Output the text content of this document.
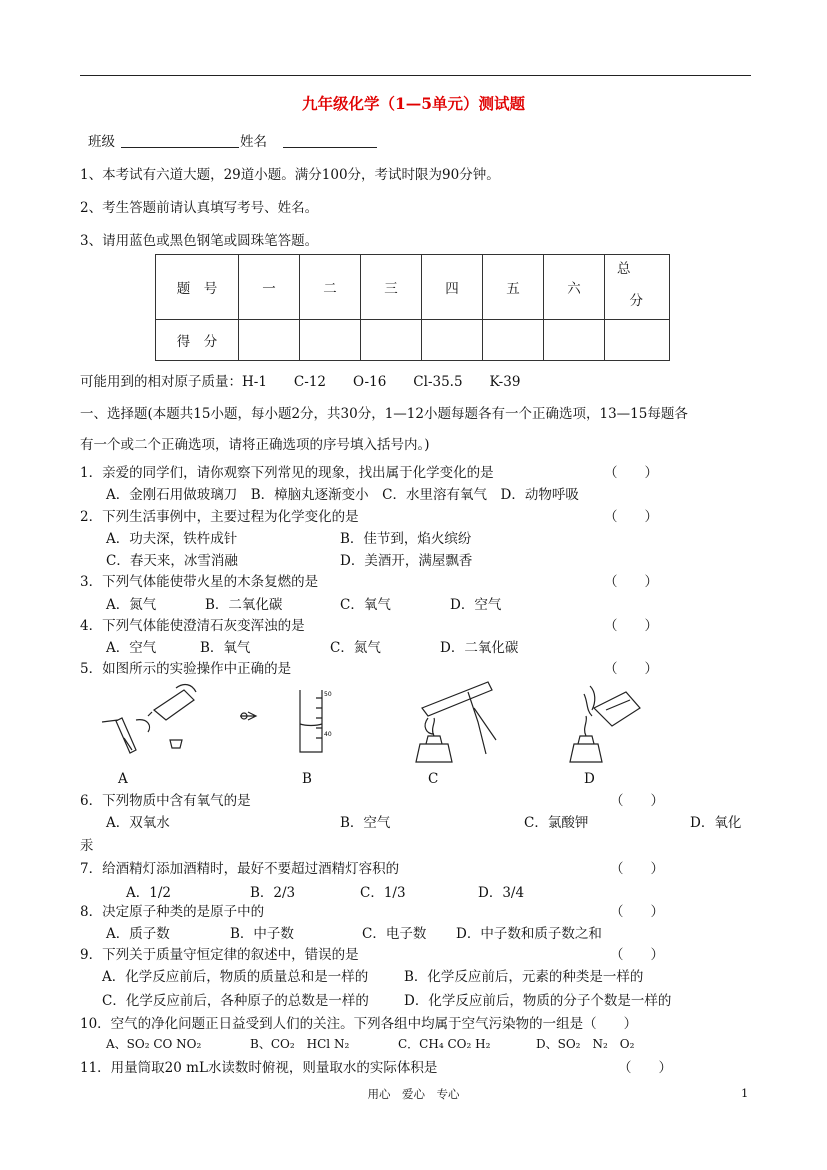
九年级化学（1—5单元）测试题
班级	姓名
1、本考试有六道大题，29道小题。满分100分，考试时限为90分钟。
2、考生答题前请认真填写考号、姓名。
3、请用蓝色或黑色钢笔或圆珠笔答题。
题　号	一	二	三	四	五	六	总
分

得　分							
可能用到的相对原子质量：H-1　　C-12　　O-16　　Cl-35.5　　K-39
一、选择题(本题共15小题，每小题2分，共30分，1—12小题每题各有一个正确选项，13—15每题各
有一个或二个正确选项，请将正确选项的序号填入括号内。)
1．亲爱的同学们，请你观察下列常见的现象，找出属于化学变化的是	（　　）
A．金刚石用做玻璃刀　B．樟脑丸逐渐变小　C．水里溶有氧气　D．动物呼吸
2．下列生活事例中，主要过程为化学变化的是	（　　）
A．功夫深，铁杵成针	B．佳节到，焰火缤纷
C．春天来，冰雪消融	D．美酒开，满屋飘香
3．下列气体能使带火星的木条复燃的是	（　　）
A．氮气	B．二氧化碳	C．氧气	D．空气
4．下列气体能使澄清石灰变浑浊的是	（　　）
A．空气	B．氧气	C．氮气	D．二氧化碳
5．如图所示的实验操作中正确的是	（　　）
A
50
40
B	C	D
6．下列物质中含有氧气的是	（　　）
A．双氧水	B．空气	C．氯酸钾	D．氧化
汞
7．给酒精灯添加酒精时，最好不要超过酒精灯容积的	（　　）
A．1/2	B．2/3	C．1/3	D．3/4
8．决定原子种类的是原子中的	（　　）
A．质子数	B．中子数	C．电子数 D．中子数和质子数之和
9．下列关于质量守恒定律的叙述中，错误的是	（　　）
A．化学反应前后，物质的质量总和是一样的	B．化学反应前后，元素的种类是一样的
C．化学反应前后，各种原子的总数是一样的	D．化学反应前后，物质的分子个数是一样的
10．空气的净化问题正日益受到人们的关注。下列各组中均属于空气污染物的一组是（　　）
A、SO₂ CO NO₂	B、CO₂　HCl N₂	C．CH₄ CO₂ H₂	D、SO₂　N₂　O₂
11．用量筒取20 mL水读数时俯视，则量取水的实际体积是	（　　）
用心　爱心　专心	1
